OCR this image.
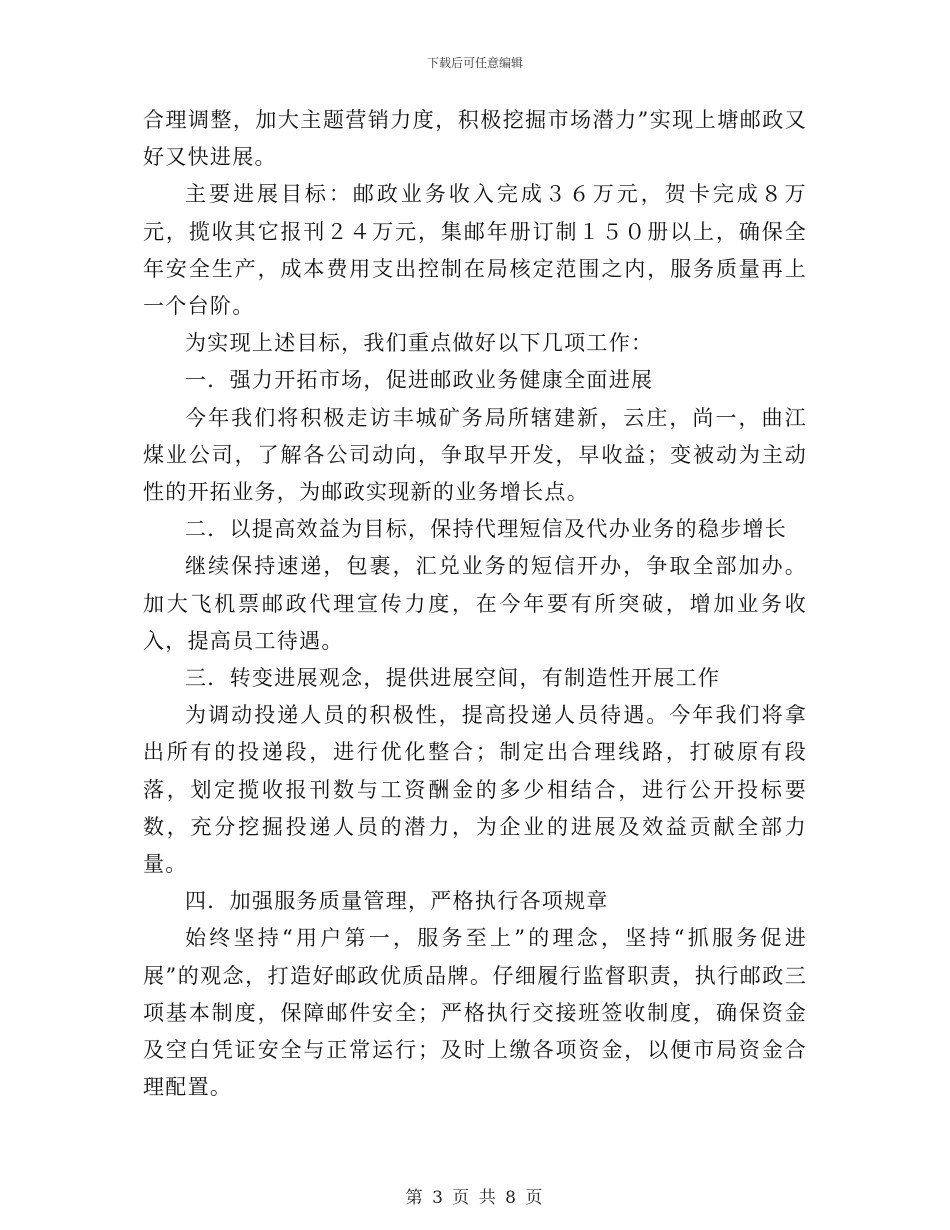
下载后可任意编辑

合理调整，加大主题营销力度，积极挖掘市场潜力”实现上塘邮政又好又快进展。

主要进展目标：邮政业务收入完成３６万元，贺卡完成８万元，揽收其它报刊２４万元，集邮年册订制１５０册以上，确保全年安全生产，成本费用支出控制在局核定范围之内，服务质量再上一个台阶。

为实现上述目标，我们重点做好以下几项工作：

一．强力开拓市场，促进邮政业务健康全面进展

今年我们将积极走访丰城矿务局所辖建新，云庄，尚一，曲江煤业公司，了解各公司动向，争取早开发，早收益；变被动为主动性的开拓业务，为邮政实现新的业务增长点。

二．以提高效益为目标，保持代理短信及代办业务的稳步增长

继续保持速递，包裹，汇兑业务的短信开办，争取全部加办。加大飞机票邮政代理宣传力度，在今年要有所突破，增加业务收入，提高员工待遇。

三．转变进展观念，提供进展空间，有制造性开展工作

为调动投递人员的积极性，提高投递人员待遇。今年我们将拿出所有的投递段，进行优化整合；制定出合理线路，打破原有段落，划定揽收报刊数与工资酬金的多少相结合，进行公开投标要数，充分挖掘投递人员的潜力，为企业的进展及效益贡献全部力量。

四．加强服务质量管理，严格执行各项规章

始终坚持“用户第一，服务至上”的理念，坚持“抓服务促进展”的观念，打造好邮政优质品牌。仔细履行监督职责，执行邮政三项基本制度，保障邮件安全；严格执行交接班签收制度，确保资金及空白凭证安全与正常运行；及时上缴各项资金，以便市局资金合理配置。

第 3 页 共 8 页
